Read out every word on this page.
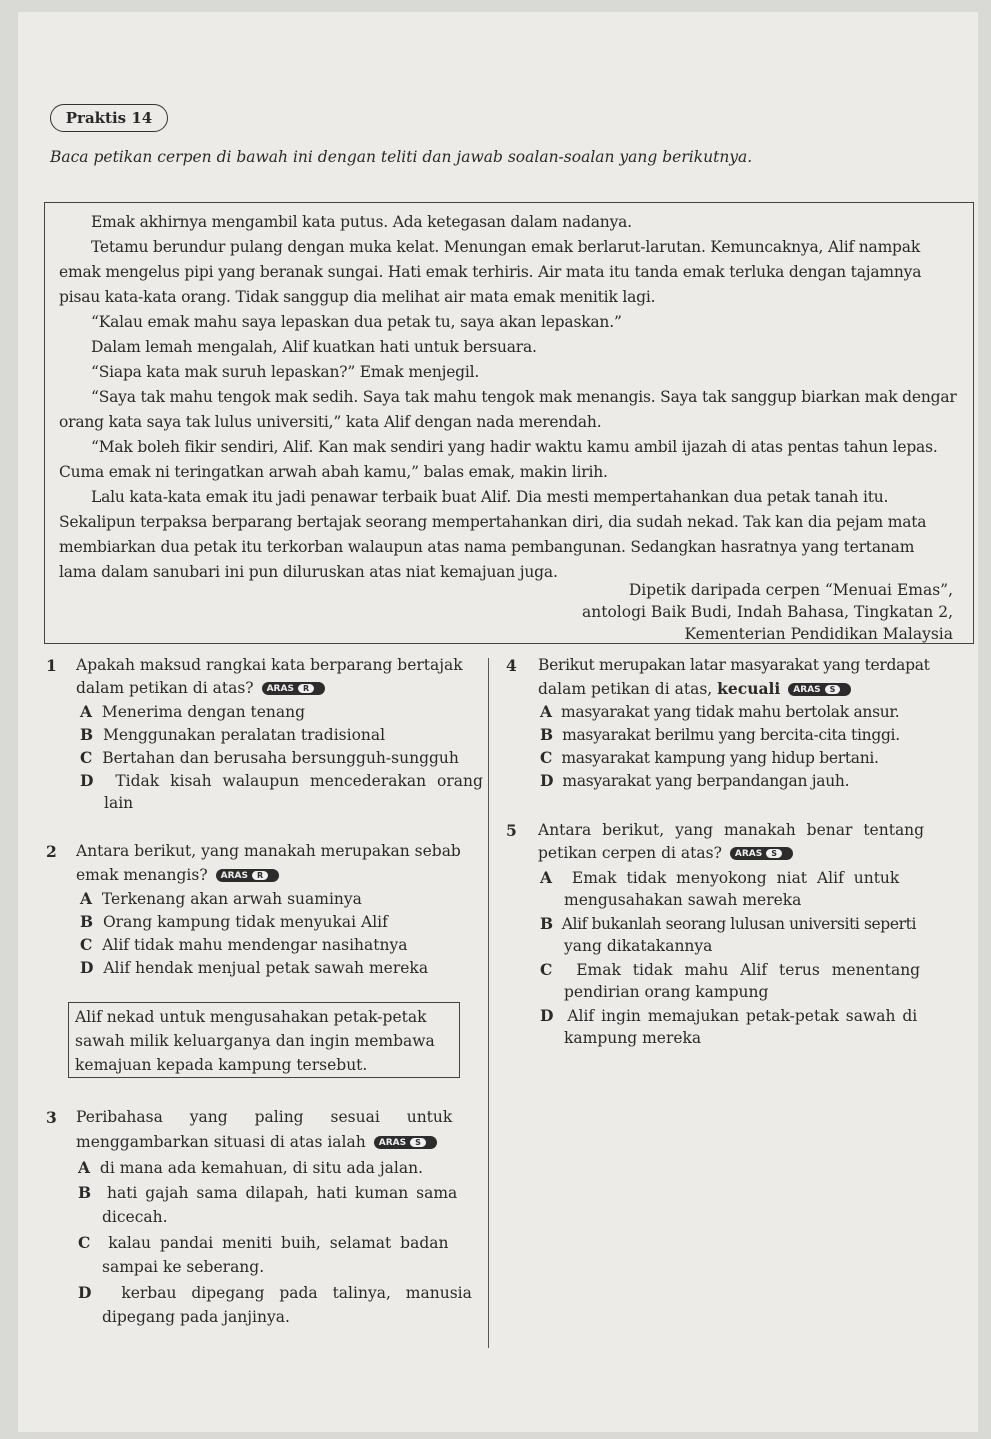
Praktis 14
Baca petikan cerpen di bawah ini dengan teliti dan jawab soalan-soalan yang berikutnya.
Emak akhirnya mengambil kata putus. Ada ketegasan dalam nadanya.
Tetamu berundur pulang dengan muka kelat. Menungan emak berlarut-larutan. Kemuncaknya, Alif nampak
emak mengelus pipi yang beranak sungai. Hati emak terhiris. Air mata itu tanda emak terluka dengan tajamnya
pisau kata-kata orang. Tidak sanggup dia melihat air mata emak menitik lagi.
“Kalau emak mahu saya lepaskan dua petak tu, saya akan lepaskan.”
Dalam lemah mengalah, Alif kuatkan hati untuk bersuara.
“Siapa kata mak suruh lepaskan?” Emak menjegil.
“Saya tak mahu tengok mak sedih. Saya tak mahu tengok mak menangis. Saya tak sanggup biarkan mak dengar
orang kata saya tak lulus universiti,” kata Alif dengan nada merendah.
“Mak boleh fikir sendiri, Alif. Kan mak sendiri yang hadir waktu kamu ambil ijazah di atas pentas tahun lepas.
Cuma emak ni teringatkan arwah abah kamu,” balas emak, makin lirih.
Lalu kata-kata emak itu jadi penawar terbaik buat Alif. Dia mesti mempertahankan dua petak tanah itu.
Sekalipun terpaksa berparang bertajak seorang mempertahankan diri, dia sudah nekad. Tak kan dia pejam mata
membiarkan dua petak itu terkorban walaupun atas nama pembangunan. Sedangkan hasratnya yang tertanam
lama dalam sanubari ini pun diluruskan atas niat kemajuan juga.
Dipetik daripada cerpen “Menuai Emas”,
antologi Baik Budi, Indah Bahasa, Tingkatan 2,
Kementerian Pendidikan Malaysia
1 Apakah maksud rangkai kata berparang bertajak
dalam petikan di atas? ARAS R
A Menerima dengan tenang
B Menggunakan peralatan tradisional
C Bertahan dan berusaha bersungguh-sungguh
D Tidak kisah walaupun mencederakan orang
lain
2 Antara berikut, yang manakah merupakan sebab
emak menangis? ARAS R
A Terkenang akan arwah suaminya
B Orang kampung tidak menyukai Alif
C Alif tidak mahu mendengar nasihatnya
D Alif hendak menjual petak sawah mereka
Alif nekad untuk mengusahakan petak-petak
sawah milik keluarganya dan ingin membawa
kemajuan kepada kampung tersebut.
3 Peribahasa yang paling sesuai untuk
menggambarkan situasi di atas ialah ARAS S
A di mana ada kemahuan, di situ ada jalan.
B hati gajah sama dilapah, hati kuman sama
dicecah.
C kalau pandai meniti buih, selamat badan
sampai ke seberang.
D kerbau dipegang pada talinya, manusia
dipegang pada janjinya.
4 Berikut merupakan latar masyarakat yang terdapat
dalam petikan di atas, kecuali ARAS S
A masyarakat yang tidak mahu bertolak ansur.
B masyarakat berilmu yang bercita-cita tinggi.
C masyarakat kampung yang hidup bertani.
D masyarakat yang berpandangan jauh.
5 Antara berikut, yang manakah benar tentang
petikan cerpen di atas? ARAS S
A Emak tidak menyokong niat Alif untuk
mengusahakan sawah mereka
B Alif bukanlah seorang lulusan universiti seperti
yang dikatakannya
C Emak tidak mahu Alif terus menentang
pendirian orang kampung
D Alif ingin memajukan petak-petak sawah di
kampung mereka
